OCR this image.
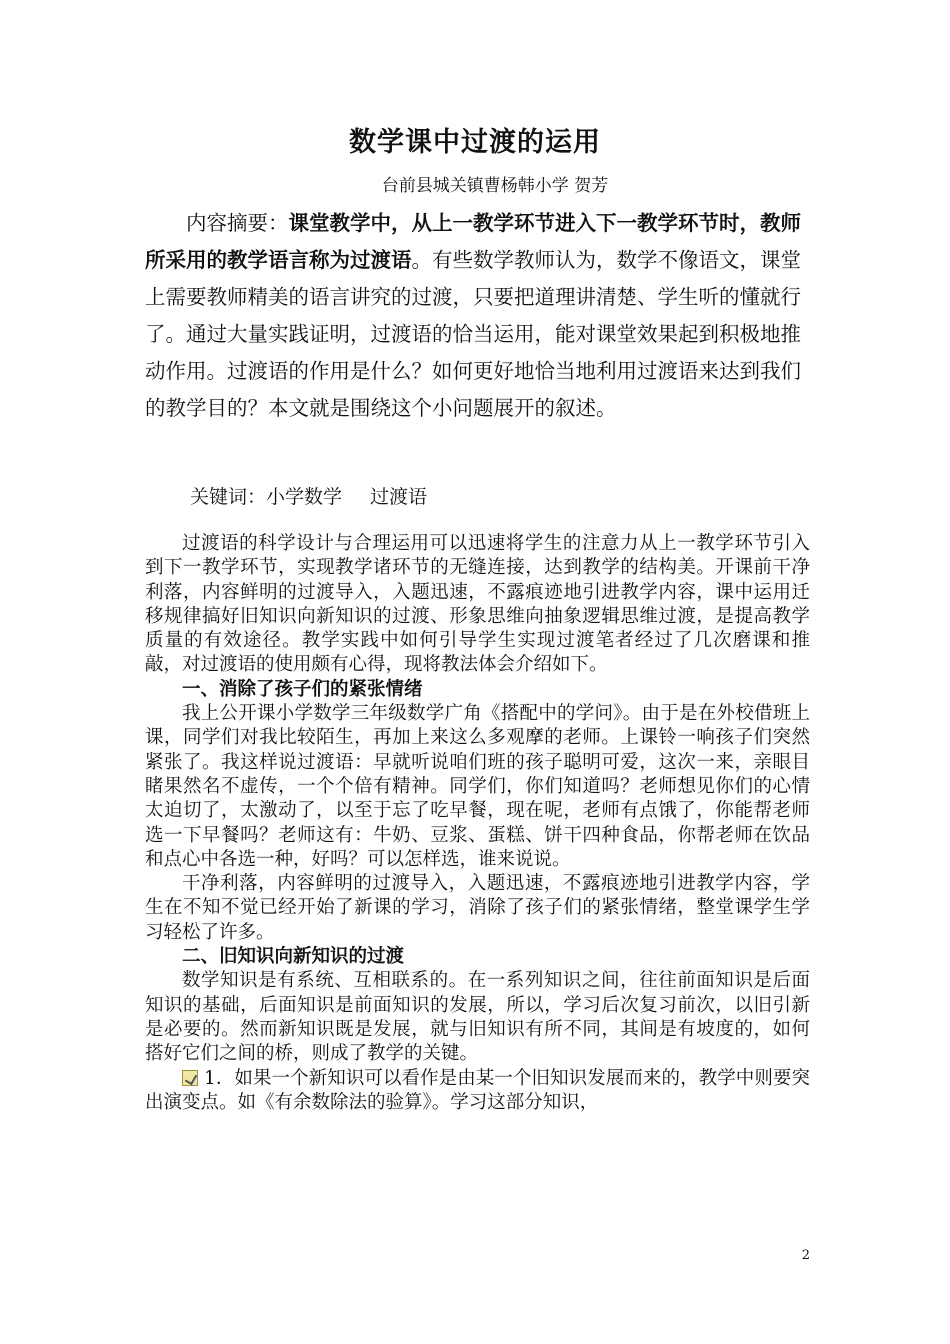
数学课中过渡的运用
台前县城关镇曹杨韩小学 贺芳

内容摘要：课堂教学中，从上一教学环节进入下一教学环节时，教师所采用的教学语言称为过渡语。有些数学教师认为，数学不像语文，课堂上需要教师精美的语言讲究的过渡，只要把道理讲清楚、学生听的懂就行了。通过大量实践证明，过渡语的恰当运用，能对课堂效果起到积极地推动作用。过渡语的作用是什么？如何更好地恰当地利用过渡语来达到我们的教学目的？本文就是围绕这个小问题展开的叙述。

关键词：小学数学 过渡语

过渡语的科学设计与合理运用可以迅速将学生的注意力从上一教学环节引入到下一教学环节，实现教学诸环节的无缝连接，达到教学的结构美。开课前干净利落，内容鲜明的过渡导入，入题迅速，不露痕迹地引进教学内容，课中运用迁移规律搞好旧知识向新知识的过渡、形象思维向抽象逻辑思维过渡，是提高教学质量的有效途径。教学实践中如何引导学生实现过渡笔者经过了几次磨课和推敲，对过渡语的使用颇有心得，现将教法体会介绍如下。

一、消除了孩子们的紧张情绪

我上公开课小学数学三年级数学广角《搭配中的学问》。由于是在外校借班上课，同学们对我比较陌生，再加上来这么多观摩的老师。上课铃一响孩子们突然紧张了。我这样说过渡语：早就听说咱们班的孩子聪明可爱，这次一来，亲眼目睹果然名不虚传，一个个倍有精神。同学们，你们知道吗？老师想见你们的心情太迫切了，太激动了，以至于忘了吃早餐，现在呢，老师有点饿了，你能帮老师选一下早餐吗？老师这有：牛奶、豆浆、蛋糕、饼干四种食品，你帮老师在饮品和点心中各选一种，好吗？可以怎样选，谁来说说。

干净利落，内容鲜明的过渡导入，入题迅速，不露痕迹地引进教学内容，学生在不知不觉已经开始了新课的学习，消除了孩子们的紧张情绪，整堂课学生学习轻松了许多。

二、旧知识向新知识的过渡

数学知识是有系统、互相联系的。在一系列知识之间，往往前面知识是后面知识的基础，后面知识是前面知识的发展，所以，学习后次复习前次，以旧引新是必要的。然而新知识既是发展，就与旧知识有所不同，其间是有坡度的，如何搭好它们之间的桥，则成了教学的关键。

1．如果一个新知识可以看作是由某一个旧知识发展而来的，教学中则要突出演变点。如《有余数除法的验算》。学习这部分知识，

2
